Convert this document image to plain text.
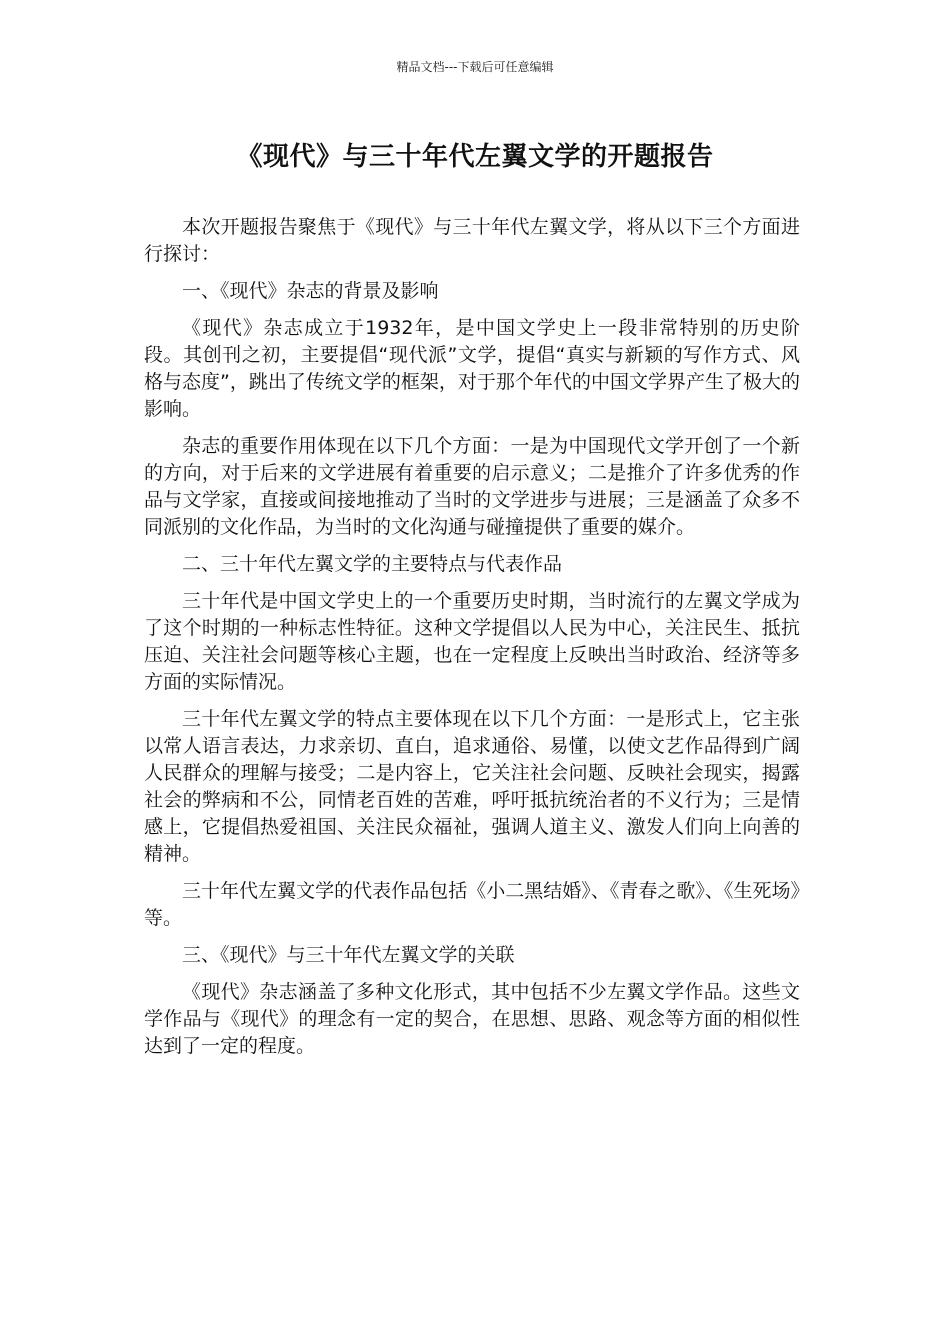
精品文档---下载后可任意编辑
《现代》与三十年代左翼文学的开题报告

本次开题报告聚焦于《现代》与三十年代左翼文学，将从以下三个方面进行探讨：

一、《现代》杂志的背景及影响

《现代》杂志成立于1932年，是中国文学史上一段非常特别的历史阶段。其创刊之初，主要提倡“现代派”文学，提倡“真实与新颖的写作方式、风格与态度”，跳出了传统文学的框架，对于那个年代的中国文学界产生了极大的影响。

杂志的重要作用体现在以下几个方面：一是为中国现代文学开创了一个新的方向，对于后来的文学进展有着重要的启示意义；二是推介了许多优秀的作品与文学家，直接或间接地推动了当时的文学进步与进展；三是涵盖了众多不同派别的文化作品，为当时的文化沟通与碰撞提供了重要的媒介。

二、三十年代左翼文学的主要特点与代表作品

三十年代是中国文学史上的一个重要历史时期，当时流行的左翼文学成为了这个时期的一种标志性特征。这种文学提倡以人民为中心，关注民生、抵抗压迫、关注社会问题等核心主题，也在一定程度上反映出当时政治、经济等多方面的实际情况。

三十年代左翼文学的特点主要体现在以下几个方面：一是形式上，它主张以常人语言表达，力求亲切、直白，追求通俗、易懂，以使文艺作品得到广阔人民群众的理解与接受；二是内容上，它关注社会问题、反映社会现实，揭露社会的弊病和不公，同情老百姓的苦难，呼吁抵抗统治者的不义行为；三是情感上，它提倡热爱祖国、关注民众福祉，强调人道主义、激发人们向上向善的精神。

三十年代左翼文学的代表作品包括《小二黑结婚》、《青春之歌》、《生死场》等。

三、《现代》与三十年代左翼文学的关联

《现代》杂志涵盖了多种文化形式，其中包括不少左翼文学作品。这些文学作品与《现代》的理念有一定的契合，在思想、思路、观念等方面的相似性达到了一定的程度。
